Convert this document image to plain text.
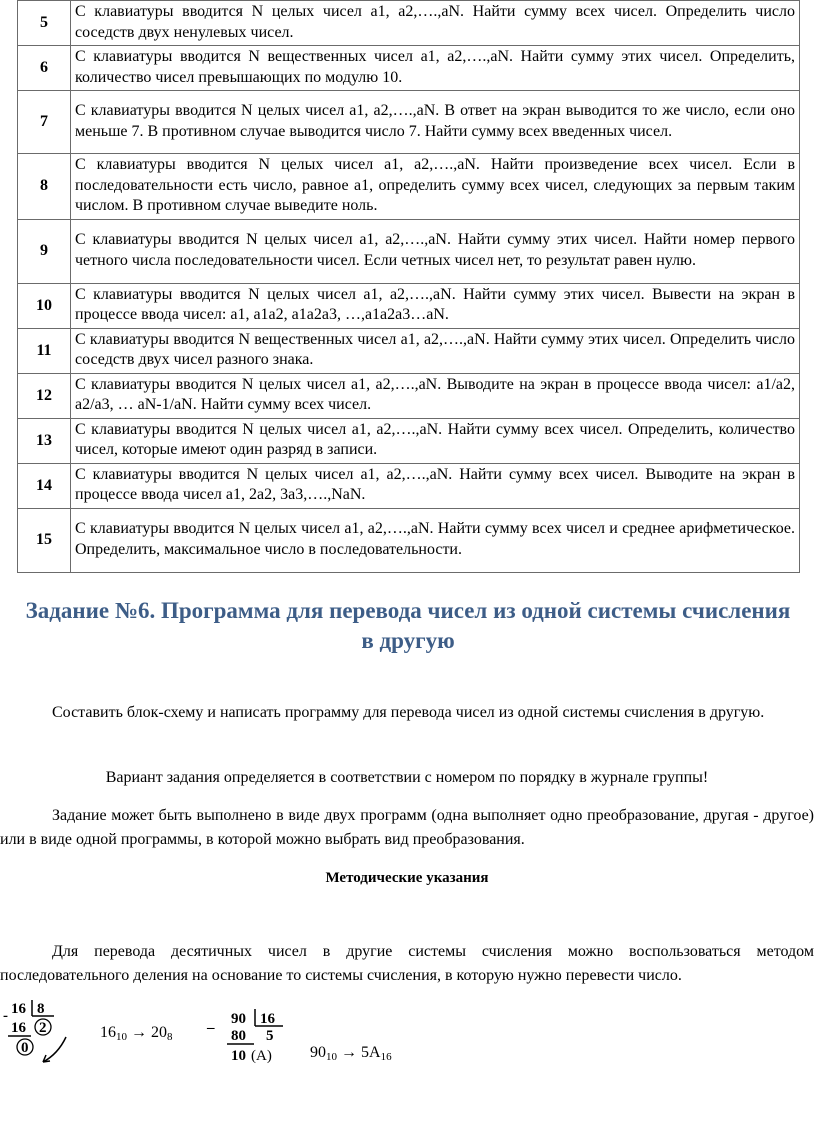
5	С клавиатуры вводится N целых чисел a1, a2,….,aN. Найти сумму всех чисел. Определить число соседств двух ненулевых чисел.
6	С клавиатуры вводится N вещественных чисел a1, a2,….,aN. Найти сумму этих чисел. Определить, количество чисел превышающих по модулю 10.
7	С клавиатуры вводится N целых чисел a1, a2,….,aN. В ответ на экран выводится то же число, если оно меньше 7. В противном случае выводится число 7. Найти сумму всех введенных чисел.
8	С клавиатуры вводится N целых чисел a1, a2,….,aN. Найти произведение всех чисел. Если в последовательности есть число, равное a1, определить сумму всех чисел, следующих за первым таким числом. В противном случае выведите ноль.
9	С клавиатуры вводится N целых чисел a1, a2,….,aN. Найти сумму этих чисел. Найти номер первого четного числа последовательности чисел. Если четных чисел нет, то результат равен нулю.
10	С клавиатуры вводится N целых чисел a1, a2,….,aN. Найти сумму этих чисел. Вывести на экран в процессе ввода чисел: a1, a1a2, a1a2a3, …,a1a2a3…aN.
11	С клавиатуры вводится N вещественных чисел a1, a2,….,aN. Найти сумму этих чисел. Определить число соседств двух чисел разного знака.
12	С клавиатуры вводится N целых чисел a1, a2,….,aN. Выводите на экран в процессе ввода чисел: a1/a2, a2/a3, … aN-1/aN. Найти сумму всех чисел.
13	С клавиатуры вводится N целых чисел a1, a2,….,aN. Найти сумму всех чисел. Определить, количество чисел, которые имеют один разряд в записи.
14	С клавиатуры вводится N целых чисел a1, a2,….,aN. Найти сумму всех чисел. Выводите на экран в процессе ввода чисел a1, 2a2, 3a3,….,NaN.
15	С клавиатуры вводится N целых чисел a1, a2,….,aN. Найти сумму всех чисел и среднее арифметическое. Определить, максимальное число в последовательности.
Задание №6. Программа для перевода чисел из одной системы счисления
в другую
Составить блок-схему и написать программу для перевода чисел из одной системы счисления в другую.
Вариант задания определяется в соответствии с номером по порядку в журнале группы!
Задание может быть выполнено в виде двух программ (одна выполняет одно преобразование, другая - другое) или в виде одной программы, в которой можно выбрать вид преобразования.
Методические указания
Для перевода десятичных чисел в другие системы счисления можно воспользоваться методом последовательного деления на основание то системы счисления, в которую нужно перевести число.
- 16 8
16 2
0
$16_{10} \to 20_8$
–
90 16
80 5
10 (A) $90_{10} \to 5A_{16}$
